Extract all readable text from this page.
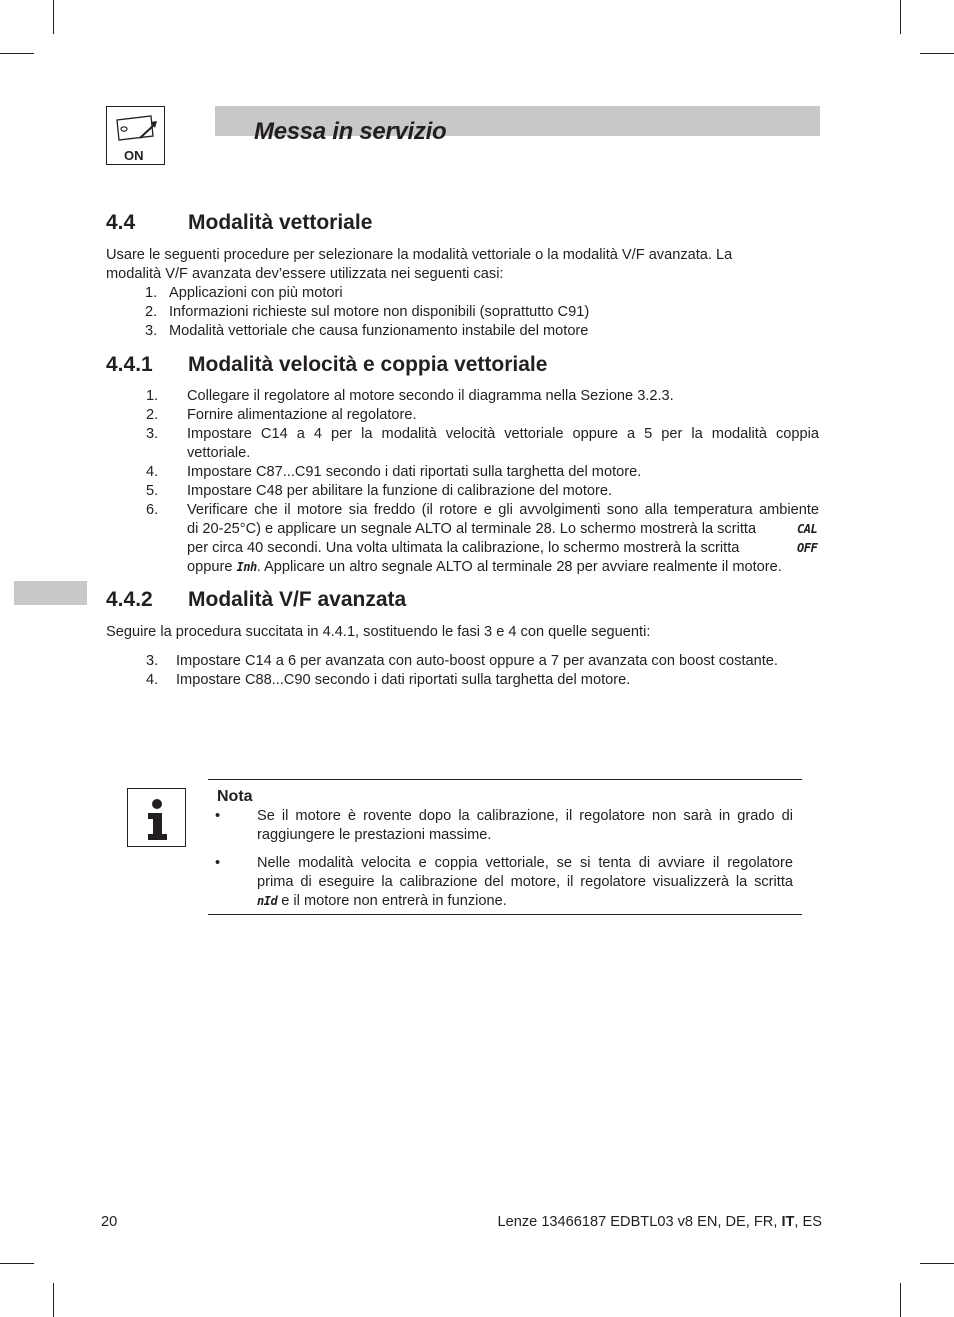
ON
Messa in servizio
4.4	Modalità vettoriale
Usare le seguenti procedure per selezionare la modalità vettoriale o la modalità V/F avanzata. La
modalità V/F avanzata dev’essere utilizzata nei seguenti casi:
1. Applicazioni con più motori
2. Informazioni richieste sul motore non disponibili (soprattutto C91)
3. Modalità vettoriale che causa funzionamento instabile del motore
4.4.1 Modalità velocità e coppia vettoriale
1. Collegare il regolatore al motore secondo il diagramma nella Sezione 3.2.3.
2. Fornire alimentazione al regolatore.
3. Impostare C14 a 4 per la modalità velocità vettoriale oppure a 5 per la modalità coppia
vettoriale.
4. Impostare C87...C91 secondo i dati riportati sulla targhetta del motore.
5. Impostare C48 per abilitare la funzione di calibrazione del motore.
6. Verificare che il motore sia freddo (il rotore e gli avvolgimenti sono alla temperatura ambiente
di 20-25°C) e applicare un segnale ALTO al terminale 28. Lo schermo mostrerà la scritta	CAL
per circa 40 secondi. Una volta ultimata la calibrazione, lo schermo mostrerà la scritta	OFF
oppure Inh. Applicare un altro segnale ALTO al terminale 28 per avviare realmente il motore.
4.4.2 Modalità V/F avanzata
Seguire la procedura succitata in 4.4.1, sostituendo le fasi 3 e 4 con quelle seguenti:
3. Impostare C14 a 6 per avanzata con auto-boost oppure a 7 per avanzata con boost costante.
4. Impostare C88...C90 secondo i dati riportati sulla targhetta del motore.
Nota
•	Se il motore è rovente dopo la calibrazione, il regolatore non sarà in grado di
raggiungere le prestazioni massime.
•	Nelle modalità velocita e coppia vettoriale, se si tenta di avviare il regolatore
prima di eseguire la calibrazione del motore, il regolatore visualizzerà la scritta
nId e il motore non entrerà in funzione.
20	Lenze 13466187 EDBTL03 v8 EN, DE, FR, IT, ES
